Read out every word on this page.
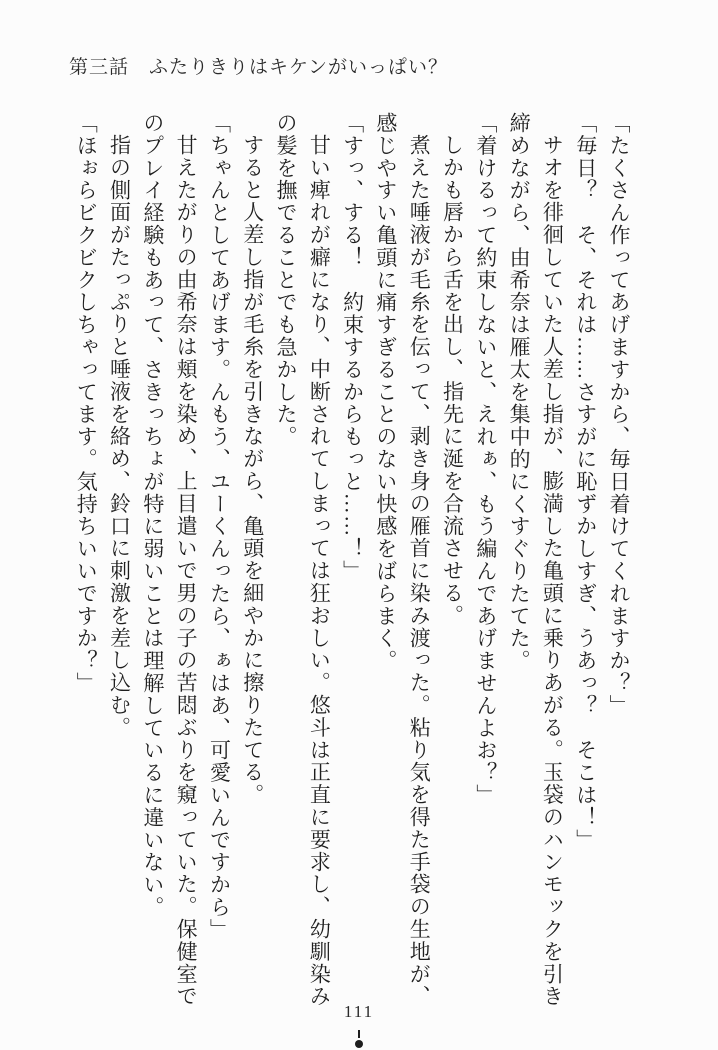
第三話　ふたりきりはキケンがいっぱい？

「たくさん作ってあげますから、毎日着けてくれますか？」

「毎日？　そ、それは……さすがに恥ずかしすぎ、うあっ？　そこは！」

サオを徘徊していた人差し指が、膨満した亀頭に乗りあがる。玉袋のハンモックを引き締めながら、由希奈は雁太を集中的にくすぐりたてた。

「着けるって約束しないと、えれぁ、もう編んであげませんよお？」

しかも唇から舌を出し、指先に涎を合流させる。

煮えた唾液が毛糸を伝って、剥き身の雁首に染み渡った。粘り気を得た手袋の生地が、感じやすい亀頭に痛すぎることのない快感をばらまく。

「すっ、する！　約束するからもっと……！」

甘い痺れが癖になり、中断されてしまっては狂おしい。悠斗は正直に要求し、幼馴染みの髪を撫でることでも急かした。

すると人差し指が毛糸を引きながら、亀頭を細やかに擦りたてる。

「ちゃんとしてあげます。んもう、ユーくんったら、ぁはあ、可愛いんですから」

甘えたがりの由希奈は頬を染め、上目遣いで男の子の苦悶ぶりを窺っていた。保健室でのプレイ経験もあって、さきっちょが特に弱いことは理解しているに違いない。

指の側面がたっぷりと唾液を絡め、鈴口に刺激を差し込む。

「ほぉらビクビクしちゃってます。気持ちいいですか？」

111
